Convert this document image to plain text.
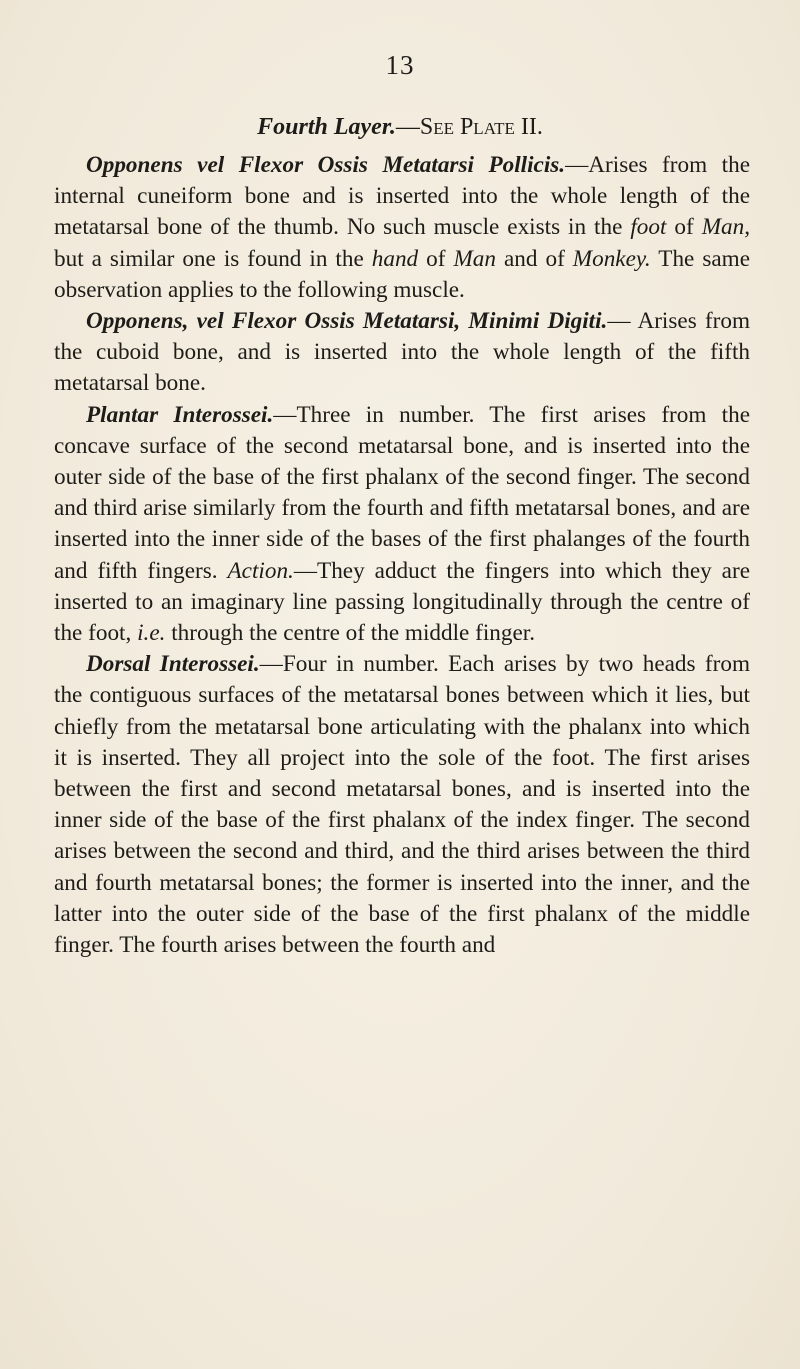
13
Fourth Layer.—See Plate II.

Opponens vel Flexor Ossis Metatarsi Pollicis.—Arises from the internal cuneiform bone and is inserted into the whole length of the metatarsal bone of the thumb. No such muscle exists in the foot of Man, but a similar one is found in the hand of Man and of Monkey. The same observation applies to the following muscle.

Opponens, vel Flexor Ossis Metatarsi, Minimi Digiti.— Arises from the cuboid bone, and is inserted into the whole length of the fifth metatarsal bone.

Plantar Interossei.—Three in number. The first arises from the concave surface of the second metatarsal bone, and is inserted into the outer side of the base of the first phalanx of the second finger. The second and third arise similarly from the fourth and fifth metatarsal bones, and are inserted into the inner side of the bases of the first phalanges of the fourth and fifth fingers. Action.—They adduct the fingers into which they are inserted to an imaginary line passing longitudinally through the centre of the foot, i.e. through the centre of the middle finger.

Dorsal Interossei.—Four in number. Each arises by two heads from the contiguous surfaces of the metatarsal bones between which it lies, but chiefly from the metatarsal bone articulating with the phalanx into which it is inserted. They all project into the sole of the foot. The first arises between the first and second metatarsal bones, and is inserted into the inner side of the base of the first phalanx of the index finger. The second arises between the second and third, and the third arises between the third and fourth metatarsal bones; the former is inserted into the inner, and the latter into the outer side of the base of the first phalanx of the middle finger. The fourth arises between the fourth and
